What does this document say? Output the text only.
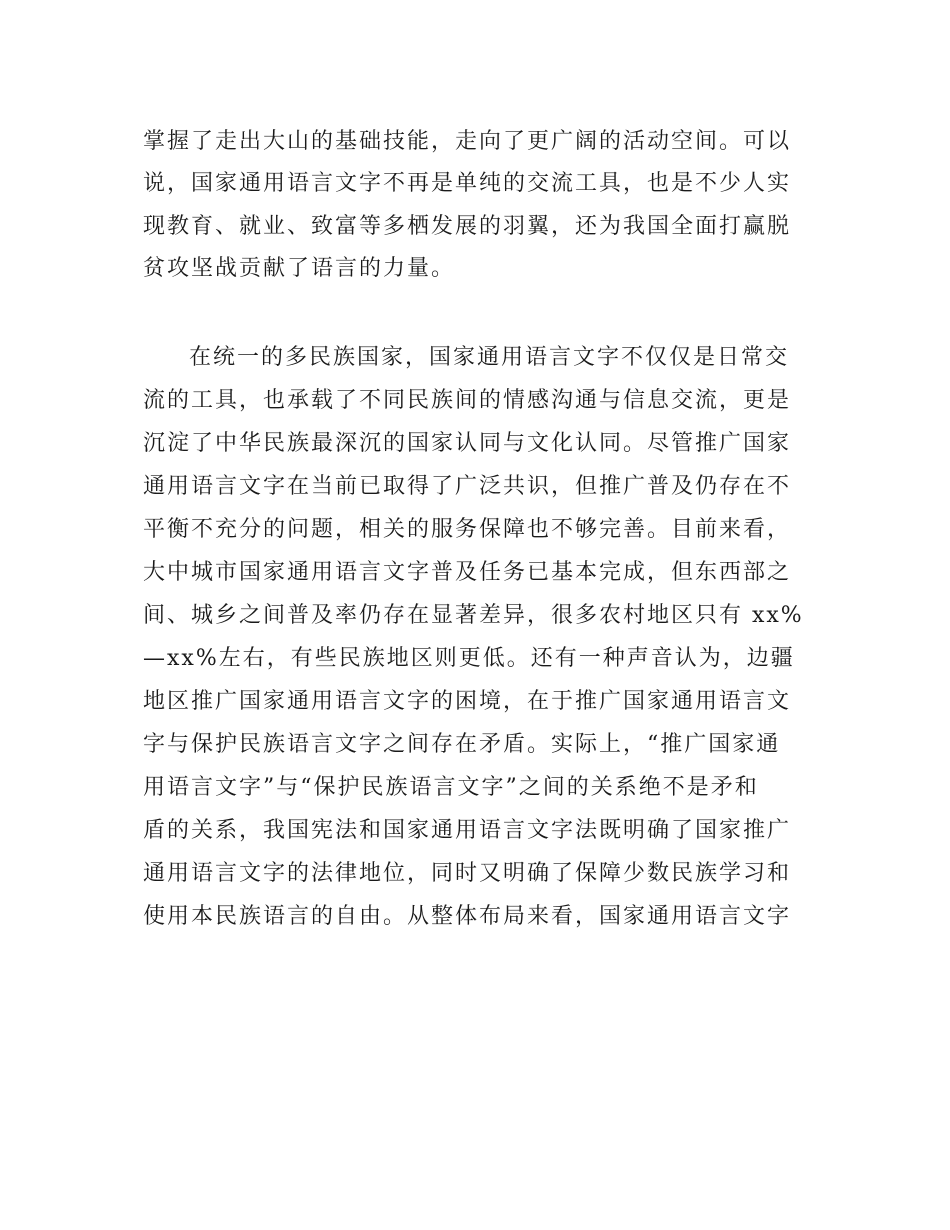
掌握了走出大山的基础技能，走向了更广阔的活动空间。可以
说，国家通用语言文字不再是单纯的交流工具，也是不少人实
现教育、就业、致富等多栖发展的羽翼，还为我国全面打赢脱
贫攻坚战贡献了语言的力量。
在统一的多民族国家，国家通用语言文字不仅仅是日常交
流的工具，也承载了不同民族间的情感沟通与信息交流，更是
沉淀了中华民族最深沉的国家认同与文化认同。尽管推广国家
通用语言文字在当前已取得了广泛共识，但推广普及仍存在不
平衡不充分的问题，相关的服务保障也不够完善。目前来看，
大中城市国家通用语言文字普及任务已基本完成，但东西部之
间、城乡之间普及率仍存在显著差异，很多农村地区只有 xx%
—xx%左右，有些民族地区则更低。还有一种声音认为，边疆
地区推广国家通用语言文字的困境，在于推广国家通用语言文
字与保护民族语言文字之间存在矛盾。实际上，“推广国家通
用语言文字”与“保护民族语言文字”之间的关系绝不是矛和
盾的关系，我国宪法和国家通用语言文字法既明确了国家推广
通用语言文字的法律地位，同时又明确了保障少数民族学习和
使用本民族语言的自由。从整体布局来看，国家通用语言文字
